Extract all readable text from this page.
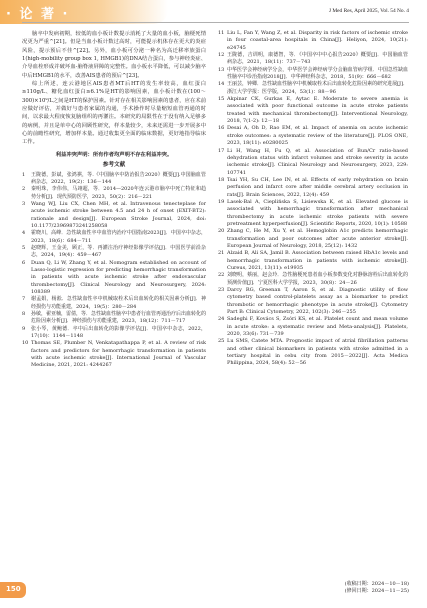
· 论 著 ·	J Med Res, April 2025, Vol. 54 No. 4

脑卒中发病初期，较低的血小板计数提示消耗了大量的血小板，脑梗死情况更为严重^[21]。但是当血小板计数过高时，可能提示机体存在更大的炎症风险，提示预后不佳^[22]。另外，血小板可分泌一种名为高迁移率族蛋白1(high-mobility group box 1, HMGB1)的DNA结合蛋白，参与神经炎症、介导血栓形成并破坏血-脑脊液屏障的完整性。血小板水平降低，可以减少脑卒中后HMGB1的水平，改善AIS患者的预后^[23]。

综上所述，连云港地区AIS患者MT后HT的发生率较高，血红蛋白≥110g/L、糖化血红蛋白≥6.1%是HT的影响因素，血小板计数在(100～300)×10⁹/L之间是HT的保护因素。针对存在相关影响因素的患者，应在术前应做好评估，并做好与患者家属的沟通，手术操作时尽量缩短血管再通的时间，以求最大程度恢复脑组织的再灌注。本研究的局限性在于没有纳入足够多的病例，并且是单中心的回顾性研究，样本量较少，未来还需进一步开展多中心的前瞻性研究，增加样本量。通过收集更全面的临床数据，更好地指导临床工作。

利益冲突声明：所有作者均声明不存在利益冲突。

参考文献
1 王陇德，彭斌，张鸿祺，等.《中国脑卒中防治报告2020》概要[J].中国脑血管病杂志，2022，19(2)：136－144
2 秦明珠，李伟伟，马翊超，等．2014—2020年连云港市脑卒中死亡特征和趋势分析[J]．现代预防医学，2023，50(2)：216－221
3 Wang WJ, Liu CX, Chen MH, et al. Intravenous tenecteplase for acute ischemic stroke between 4.5 and 24 h of onset (EXIT-BT2): rationale and design[J]. European Stroke Journal, 2024, doi: 10.1177/23969873241258058
4 霍晓川，高峰．急性缺血性卒中血管内治疗中国指南2023[J]．中国卒中杂志，2023，18(6)：684－711
5 赵晓辉，王金美，顾正，等．再灌注治疗神经影像学评估[J]．中国医学前沿杂志，2024，19(4)：459－467
6 Duan Q, Li W, Zhang Y, et al. Nomogram established on account of Lasso-logistic regression for predicting hemorrhagic transformation in patients with acute ischemic stroke after endovascular thrombectomy[J]. Clinical Neurology and Neurosurgery, 2024: 108389
7 谢孟娟，杨淞．急性缺血性卒中机械取栓术后出血转化的相关因素分析[J]．神经损伤与功能重建，2024，19(5)：280－284
8 孙敏，翟亚楠，雷倩，等．急性缺血性脑卒中患者行血管再通治疗后出血转化的危险因素分析[J]．神经损伤与功能重建，2023，18(12)：711－717
9 张小琴，黄鲍德．卒中后出血转化的影像学评估[J]．中国卒中杂志，2022，17(10)：1144－1148
10 Thomas SE, Plumber N, Venkatapathappa P, et al. A review of risk factors and predictors for hemorrhagic transformation in patients with acute ischemic stroke[J]. International Journal of Vascular Medicine, 2021, 2021: 4244267
11 Liu L, Fan Y, Wang Z, et al. Disparity in risk factors of ischemic stroke in four coastal-area hospitals in China[J]. Heliyon, 2024, 10(21): e24745
12 王陇德，吉训明，康德智，等．《中国卒中中心报告2020》概要[J]．中国脑血管病杂志，2021，18(11)：737－743
13 中华医学会神经病学分会，中华医学会神经病学分会脑血管病学组．中国急性缺血性脑卒中诊治指南2018[J]．中华神经科杂志，2018，51(9)：666－682
14 王丽芸，钟卿．急性缺血性脑卒中机械取栓术后出血转化危险因素的研究进展[J]．浙江大学学报：医学版，2024，53(1)：88－96
15 Akpinar CK, Gurkas E, Aytac E. Moderate to severe anemia is associated with poor functional outcome in acute stroke patients treated with mechanical thrombectomy[J]. Interventional Neurology, 2018, 7(1-2): 12－18
16 Desai A, Oh D, Rao EM, et al. Impact of anemia on acute ischemic stroke outcomes: a systematic review of the literature[J]. PLOS ONE, 2023, 18(11): e0280025
17 Li H, Wang H, Fu Q, et al. Association of Bun/Cr ratio-based dehydration status with infarct volumes and stroke severity in acute ischemic stroke[J]. Clinical Neurology and Neurosurgery, 2023, 229: 107741
18 Tsai YH, Su CH, Lee IN, et al. Effects of early rehydration on brain perfusion and infarct core after middle cerebral artery occlusion in rats[J]. Brain Sciences, 2022, 12(4): 459
19 Lasek-Bal A, Cieplińska S, Lisiewska K, et al. Elevated glucose is associated with hemorrhagic transformation after mechanical thrombectomy in acute ischemic stroke patients with severe pretreatment hyperperfusion[J]. Scientific Reports, 2020, 10(1): 10588
20 Zhang C, He M, Xu Y, et al. Hemoglobin A1c predicts hemorrhagic transformation and poor outcomes after acute anterior stroke[J]. European Journal of Neurology, 2018, 25(12): 1432
21 Alzaid B, Ali SA, Jamil B. Association between raised HbA1c levels and hemorrhagic transformation in patients with ischemic stroke[J]. Cureus, 2021, 13(11): e19935
22 刘晓明，蔡丽，赵会玲．急性脑梗死患者血小板参数变化对静脉溶栓后出血转化的预测价值[J]．宁夏医科大学学报，2023，30(8)：24－26
23 Darcy RG, Greenan T, Aaron S, et al. Diagnostic utility of flow cytometry based control-platelets assay as a biomarker to predict thrombotic or hemorrhagic phenotype in acute stroke[J]. Cytometry Part B: Clinical Cytometry, 2022, 102(3): 246－255
24 Sadeghi F, Kovács S, Zsóri KS, et al. Platelet count and mean volume in acute stroke: a systematic review and Meta-analysis[J]. Platelets, 2020, 33(6): 731－739
25 Lu SMS, Catete MTA. Prognostic impact of atrial fibrillation patterns and other clinical biomarkers in patients with stroke admitted in a tertiary hospital in cebu city from 2015－2022[J]. Acta Medica Philippina, 2024, 58(4): 52－56
(收稿日期：2024－10－18)
(修回日期：2024－11－25)
150
